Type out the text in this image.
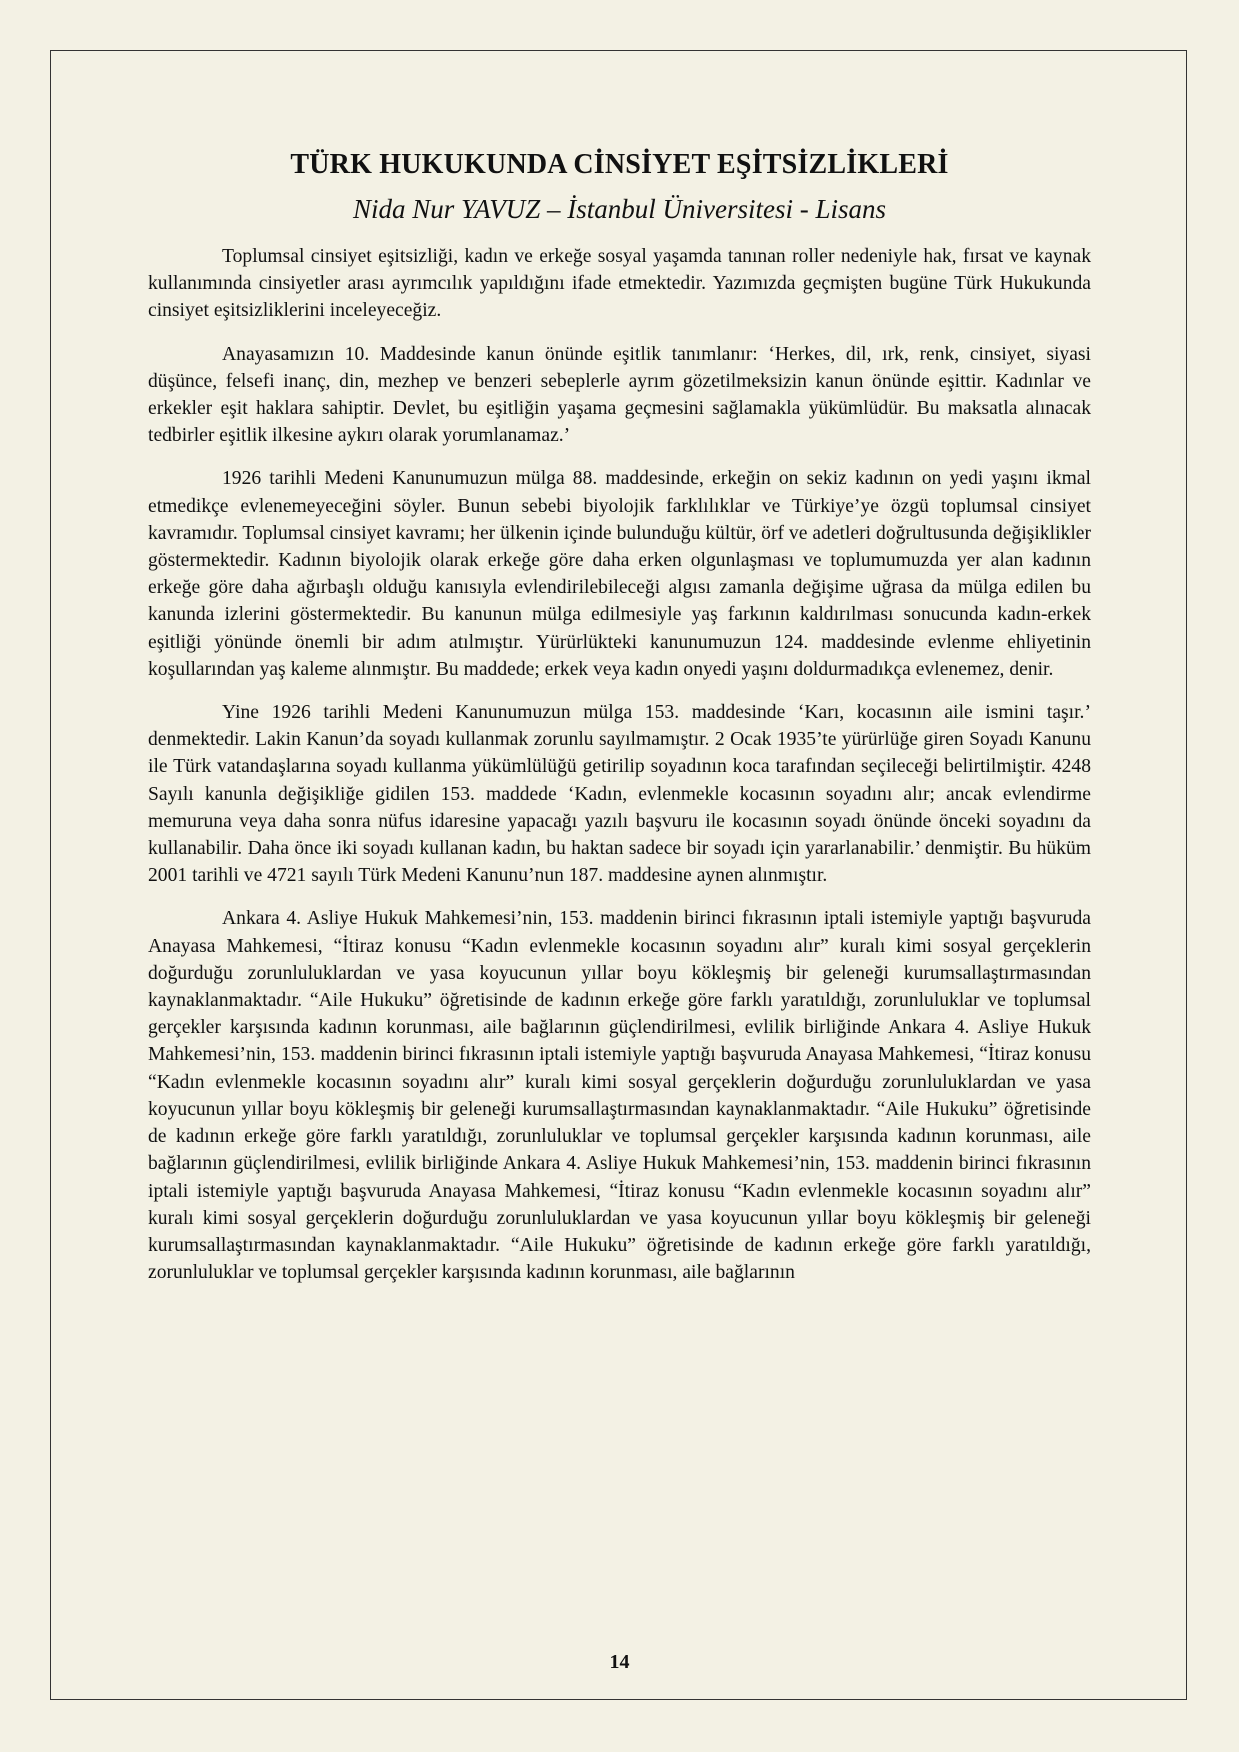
TÜRK HUKUKUNDA CİNSİYET EŞİTSİZLİKLERİ
Nida Nur YAVUZ – İstanbul Üniversitesi - Lisans

Toplumsal cinsiyet eşitsizliği, kadın ve erkeğe sosyal yaşamda tanınan roller nedeniyle hak, fırsat ve kaynak kullanımında cinsiyetler arası ayrımcılık yapıldığını ifade etmektedir. Yazımızda geçmişten bugüne Türk Hukukunda cinsiyet eşitsizliklerini inceleyeceğiz.

Anayasamızın 10. Maddesinde kanun önünde eşitlik tanımlanır: ‘Herkes, dil, ırk, renk, cinsiyet, siyasi düşünce, felsefi inanç, din, mezhep ve benzeri sebeplerle ayrım gözetilmeksizin kanun önünde eşittir. Kadınlar ve erkekler eşit haklara sahiptir. Devlet, bu eşitliğin yaşama geçmesini sağlamakla yükümlüdür. Bu maksatla alınacak tedbirler eşitlik ilkesine aykırı olarak yorumlanamaz.’

1926 tarihli Medeni Kanunumuzun mülga 88. maddesinde, erkeğin on sekiz kadının on yedi yaşını ikmal etmedikçe evlenemeyeceğini söyler. Bunun sebebi biyolojik farklılıklar ve Türkiye’ye özgü toplumsal cinsiyet kavramıdır. Toplumsal cinsiyet kavramı; her ülkenin içinde bulunduğu kültür, örf ve adetleri doğrultusunda değişiklikler göstermektedir. Kadının biyolojik olarak erkeğe göre daha erken olgunlaşması ve toplumumuzda yer alan kadının erkeğe göre daha ağırbaşlı olduğu kanısıyla evlendirilebileceği algısı zamanla değişime uğrasa da mülga edilen bu kanunda izlerini göstermektedir. Bu kanunun mülga edilmesiyle yaş farkının kaldırılması sonucunda kadın-erkek eşitliği yönünde önemli bir adım atılmıştır. Yürürlükteki kanunumuzun 124. maddesinde evlenme ehliyetinin koşullarından yaş kaleme alınmıştır. Bu maddede; erkek veya kadın onyedi yaşını doldurmadıkça evlenemez, denir.

Yine 1926 tarihli Medeni Kanunumuzun mülga 153. maddesinde ‘Karı, kocasının aile ismini taşır.’ denmektedir. Lakin Kanun’da soyadı kullanmak zorunlu sayılmamıştır. 2 Ocak 1935’te yürürlüğe giren Soyadı Kanunu ile Türk vatandaşlarına soyadı kullanma yükümlülüğü getirilip soyadının koca tarafından seçileceği belirtilmiştir. 4248 Sayılı kanunla değişikliğe gidilen 153. maddede ‘Kadın, evlenmekle kocasının soyadını alır; ancak evlendirme memuruna veya daha sonra nüfus idaresine yapacağı yazılı başvuru ile kocasının soyadı önünde önceki soyadını da kullanabilir. Daha önce iki soyadı kullanan kadın, bu haktan sadece bir soyadı için yararlanabilir.’ denmiştir. Bu hüküm 2001 tarihli ve 4721 sayılı Türk Medeni Kanunu’nun 187. maddesine aynen alınmıştır.

Ankara 4. Asliye Hukuk Mahkemesi’nin, 153. maddenin birinci fıkrasının iptali istemiyle yaptığı başvuruda Anayasa Mahkemesi, “İtiraz konusu “Kadın evlenmekle kocasının soyadını alır” kuralı kimi sosyal gerçeklerin doğurduğu zorunluluklardan ve yasa koyucunun yıllar boyu kökleşmiş bir geleneği kurumsallaştırmasından kaynaklanmaktadır. “Aile Hukuku” öğretisinde de kadının erkeğe göre farklı yaratıldığı, zorunluluklar ve toplumsal gerçekler karşısında kadının korunması, aile bağlarının güçlendirilmesi, evlilik birliğinde Ankara 4. Asliye Hukuk Mahkemesi’nin, 153. maddenin birinci fıkrasının iptali istemiyle yaptığı başvuruda Anayasa Mahkemesi, “İtiraz konusu “Kadın evlenmekle kocasının soyadını alır” kuralı kimi sosyal gerçeklerin doğurduğu zorunluluklardan ve yasa koyucunun yıllar boyu kökleşmiş bir geleneği kurumsallaştırmasından kaynaklanmaktadır. “Aile Hukuku” öğretisinde de kadının erkeğe göre farklı yaratıldığı, zorunluluklar ve toplumsal gerçekler karşısında kadının korunması, aile bağlarının güçlendirilmesi, evlilik birliğinde Ankara 4. Asliye Hukuk Mahkemesi’nin, 153. maddenin birinci fıkrasının iptali istemiyle yaptığı başvuruda Anayasa Mahkemesi, “İtiraz konusu “Kadın evlenmekle kocasının soyadını alır” kuralı kimi sosyal gerçeklerin doğurduğu zorunluluklardan ve yasa koyucunun yıllar boyu kökleşmiş bir geleneği kurumsallaştırmasından kaynaklanmaktadır. “Aile Hukuku” öğretisinde de kadının erkeğe göre farklı yaratıldığı, zorunluluklar ve toplumsal gerçekler karşısında kadının korunması, aile bağlarının

14
